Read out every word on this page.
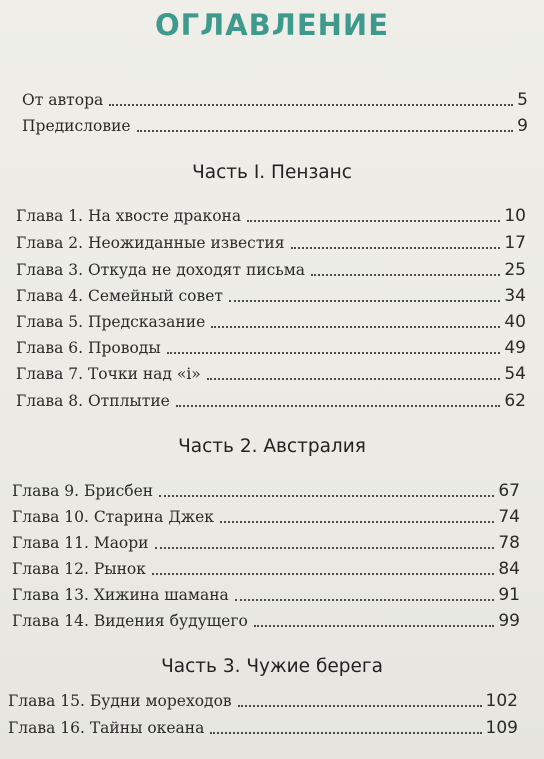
ОГЛАВЛЕНИЕ
От автора	5
Предисловие	9
Часть I. Пензанс
Глава 1. На хвосте дракона	10
Глава 2. Неожиданные известия	17
Глава 3. Откуда не доходят письма	25
Глава 4. Семейный совет	34
Глава 5. Предсказание	40
Глава 6. Проводы	49
Глава 7. Точки над «i»	54
Глава 8. Отплытие	62
Часть 2. Австралия
Глава 9. Брисбен	67
Глава 10. Старина Джек	74
Глава 11. Маори	78
Глава 12. Рынок	84
Глава 13. Хижина шамана	91
Глава 14. Видения будущего	99
Часть 3. Чужие берега
Глава 15. Будни мореходов	102
Глава 16. Тайны океана	109
